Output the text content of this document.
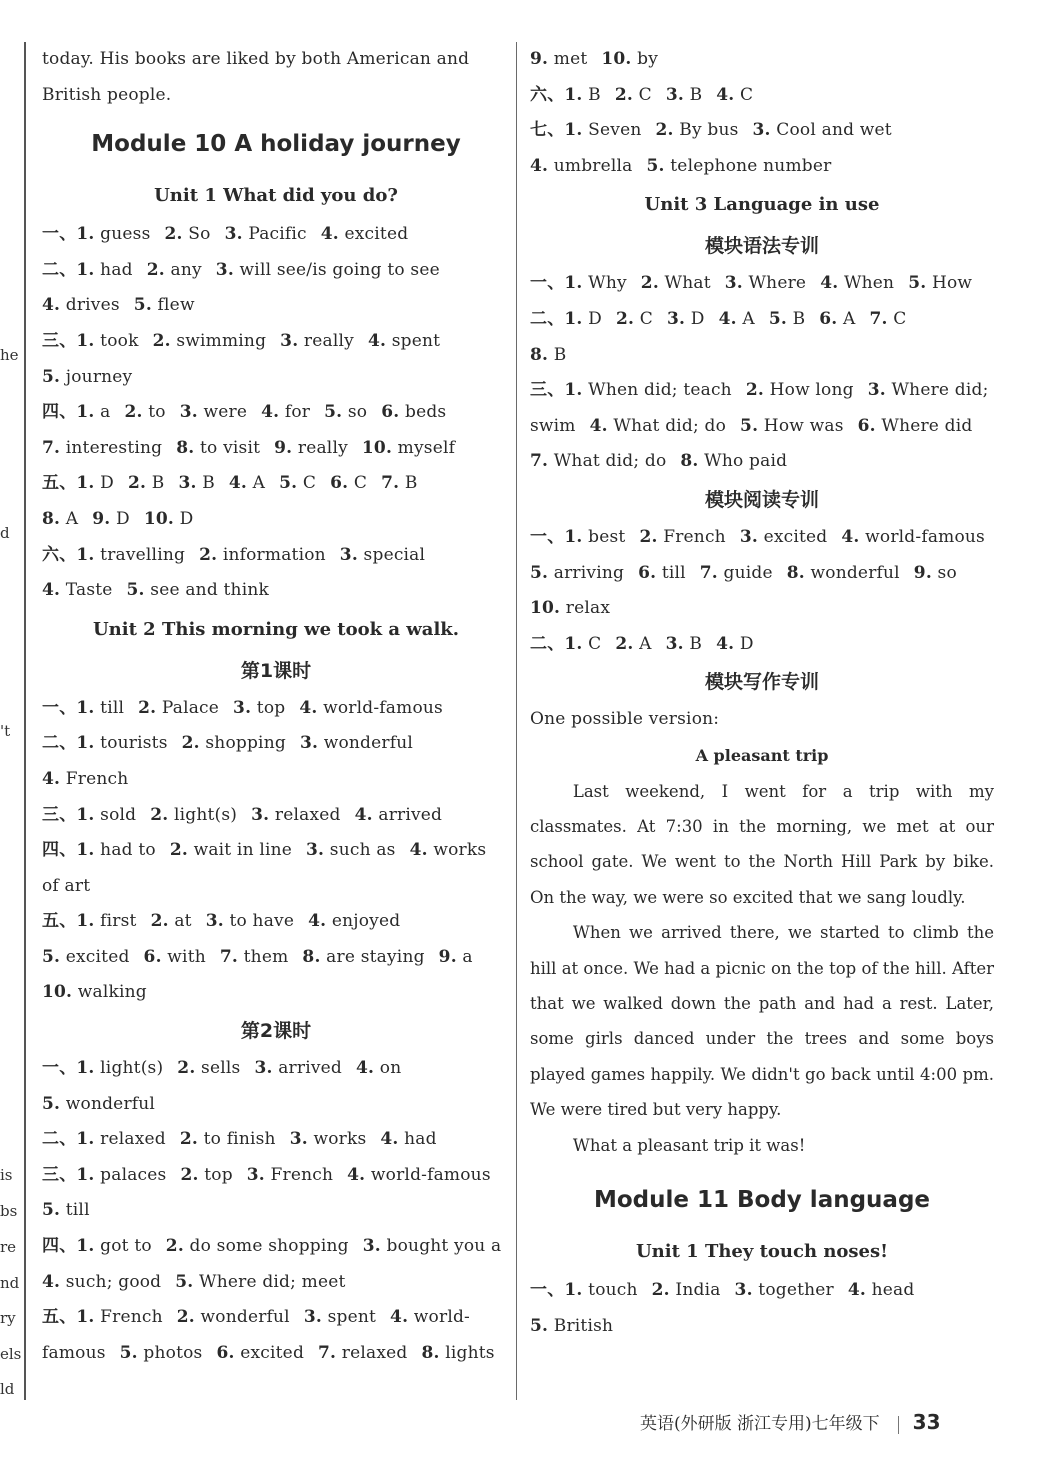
he
d
't
is
bs
re
nd
ry
els
ld
today. His books are liked by both American and
British people.
Module 10 A holiday journey
Unit 1 What did you do?
一、1. guess 2. So 3. Pacific 4. excited
二、1. had 2. any 3. will see/is going to see
4. drives 5. flew
三、1. took 2. swimming 3. really 4. spent
5. journey
四、1. a 2. to 3. were 4. for 5. so 6. beds
7. interesting 8. to visit 9. really 10. myself
五、1. D 2. B 3. B 4. A 5. C 6. C 7. B
8. A 9. D 10. D
六、1. travelling 2. information 3. special
4. Taste 5. see and think
Unit 2 This morning we took a walk.
第1课时
一、1. till 2. Palace 3. top 4. world-famous
二、1. tourists 2. shopping 3. wonderful
4. French
三、1. sold 2. light(s) 3. relaxed 4. arrived
四、1. had to 2. wait in line 3. such as 4. works
of art
五、1. first 2. at 3. to have 4. enjoyed
5. excited 6. with 7. them 8. are staying 9. a
10. walking
第2课时
一、1. light(s) 2. sells 3. arrived 4. on
5. wonderful
二、1. relaxed 2. to finish 3. works 4. had
三、1. palaces 2. top 3. French 4. world-famous
5. till
四、1. got to 2. do some shopping 3. bought you a
4. such; good 5. Where did; meet
五、1. French 2. wonderful 3. spent 4. world-
famous 5. photos 6. excited 7. relaxed 8. lights
9. met 10. by
六、1. B 2. C 3. B 4. C
七、1. Seven 2. By bus 3. Cool and wet
4. umbrella 5. telephone number
Unit 3 Language in use
模块语法专训
一、1. Why 2. What 3. Where 4. When 5. How
二、1. D 2. C 3. D 4. A 5. B 6. A 7. C
8. B
三、1. When did; teach 2. How long 3. Where did;
swim 4. What did; do 5. How was 6. Where did
7. What did; do 8. Who paid
模块阅读专训
一、1. best 2. French 3. excited 4. world-famous
5. arriving 6. till 7. guide 8. wonderful 9. so
10. relax
二、1. C 2. A 3. B 4. D
模块写作专训
One possible version:
A pleasant trip

Last weekend, I went for a trip with my classmates. At 7:30 in the morning, we met at our school gate. We went to the North Hill Park by bike. On the way, we were so excited that we sang loudly.

When we arrived there, we started to climb the hill at once. We had a picnic on the top of the hill. After that we walked down the path and had a rest. Later, some girls danced under the trees and some boys played games happily. We didn't go back until 4:00 pm. We were tired but very happy.

What a pleasant trip it was!

Module 11 Body language
Unit 1 They touch noses!
一、1. touch 2. India 3. together 4. head
5. British
英语(外研版 浙江专用)七年级下 33
